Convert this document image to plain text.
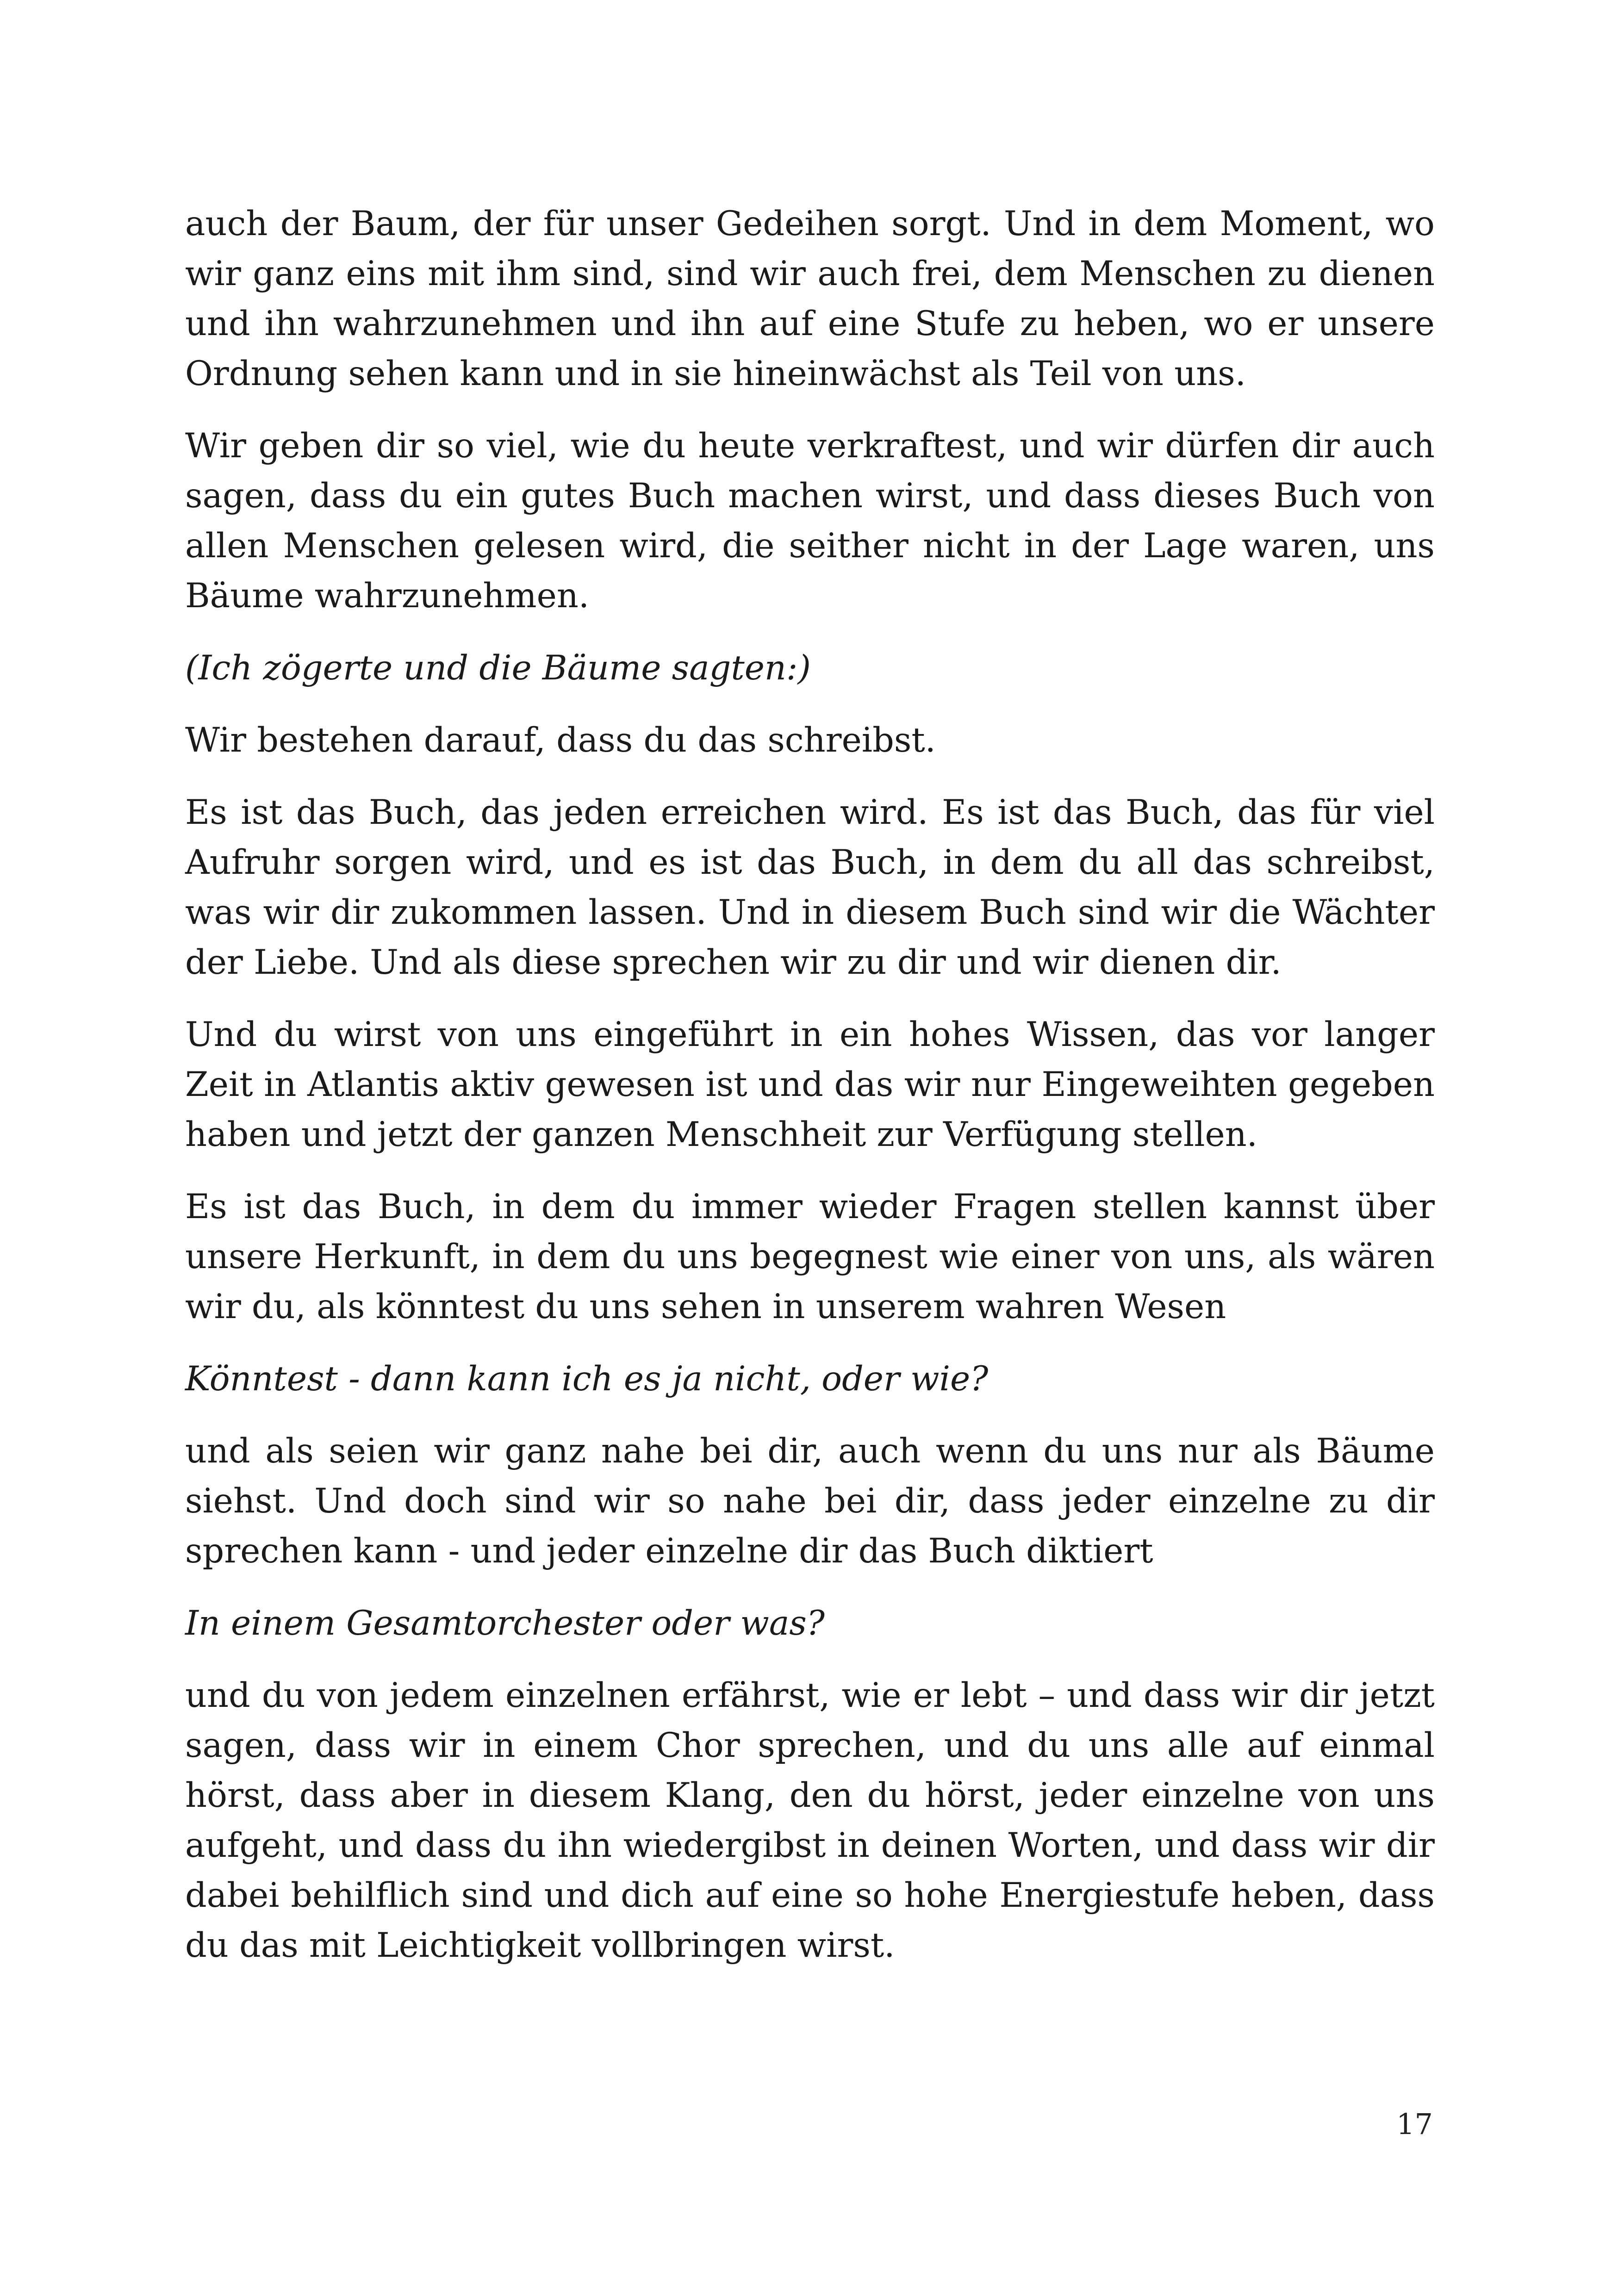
auch der Baum, der für unser Gedeihen sorgt. Und in dem Moment, wo wir ganz eins mit ihm sind, sind wir auch frei, dem Menschen zu dienen und ihn wahrzunehmen und ihn auf eine Stufe zu heben, wo er unsere Ordnung sehen kann und in sie hineinwächst als Teil von uns.

Wir geben dir so viel, wie du heute verkraftest, und wir dürfen dir auch sagen, dass du ein gutes Buch machen wirst, und dass dieses Buch von allen Menschen gelesen wird, die seither nicht in der Lage waren, uns Bäume wahrzunehmen.

(Ich zögerte und die Bäume sagten:)

Wir bestehen darauf, dass du das schreibst.

Es ist das Buch, das jeden erreichen wird. Es ist das Buch, das für viel Aufruhr sorgen wird, und es ist das Buch, in dem du all das schreibst, was wir dir zukommen lassen. Und in diesem Buch sind wir die Wächter der Liebe. Und als diese sprechen wir zu dir und wir dienen dir.

Und du wirst von uns eingeführt in ein hohes Wissen, das vor langer Zeit in Atlantis aktiv gewesen ist und das wir nur Eingeweihten gegeben haben und jetzt der ganzen Menschheit zur Verfügung stellen.

Es ist das Buch, in dem du immer wieder Fragen stellen kannst über unsere Herkunft, in dem du uns begegnest wie einer von uns, als wären wir du, als könntest du uns sehen in unserem wahren Wesen

Könntest - dann kann ich es ja nicht, oder wie?

und als seien wir ganz nahe bei dir, auch wenn du uns nur als Bäume siehst. Und doch sind wir so nahe bei dir, dass jeder einzelne zu dir sprechen kann - und jeder einzelne dir das Buch diktiert

In einem Gesamtorchester oder was?

und du von jedem einzelnen erfährst, wie er lebt – und dass wir dir jetzt sagen, dass wir in einem Chor sprechen, und du uns alle auf einmal hörst, dass aber in diesem Klang, den du hörst, jeder einzelne von uns aufgeht, und dass du ihn wiedergibst in deinen Worten, und dass wir dir dabei behilflich sind und dich auf eine so hohe Energiestufe heben, dass du das mit Leichtigkeit vollbringen wirst.

17
